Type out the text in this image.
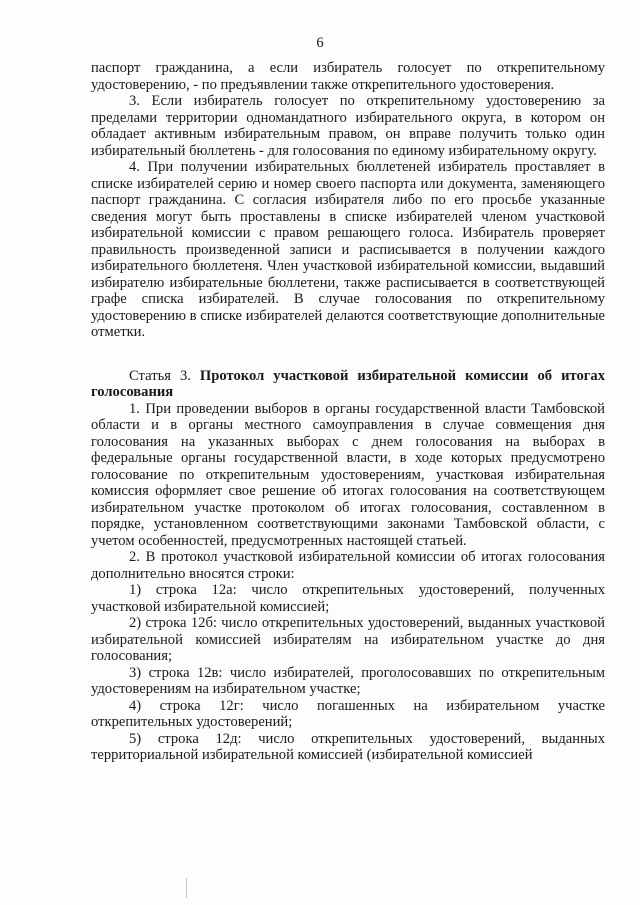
6

паспорт гражданина, а если избиратель голосует по открепительному удостоверению, - по предъявлении также открепительного удостоверения.

3. Если избиратель голосует по открепительному удостоверению за пределами территории одномандатного избирательного округа, в котором он обладает активным избирательным правом, он вправе получить только один избирательный бюллетень - для голосования по единому избирательному округу.

4. При получении избирательных бюллетеней избиратель проставляет в списке избирателей серию и номер своего паспорта или документа, заменяющего паспорт гражданина. С согласия избирателя либо по его просьбе указанные сведения могут быть проставлены в списке избирателей членом участковой избирательной комиссии с правом решающего голоса. Избиратель проверяет правильность произведенной записи и расписывается в получении каждого избирательного бюллетеня. Член участковой избирательной комиссии, выдавший избирателю избирательные бюллетени, также расписывается в соответствующей графе списка избирателей. В случае голосования по открепительному удостоверению в списке избирателей делаются соответствующие дополнительные отметки.

Статья 3. Протокол участковой избирательной комиссии об итогах голосования

1. При проведении выборов в органы государственной власти Тамбовской области и в органы местного самоуправления в случае совмещения дня голосования на указанных выборах с днем голосования на выборах в федеральные органы государственной власти, в ходе которых предусмотрено голосование по открепительным удостоверениям, участковая избирательная комиссия оформляет свое решение об итогах голосования на соответствующем избирательном участке протоколом об итогах голосования, составленном в порядке, установленном соответствующими законами Тамбовской области, с учетом особенностей, предусмотренных настоящей статьей.

2. В протокол участковой избирательной комиссии об итогах голосования дополнительно вносятся строки:

1) строка 12а: число открепительных удостоверений, полученных участковой избирательной комиссией;

2) строка 12б: число открепительных удостоверений, выданных участковой избирательной комиссией избирателям на избирательном участке до дня голосования;

3) строка 12в: число избирателей, проголосовавших по открепительным удостоверениям на избирательном участке;

4) строка 12г: число погашенных на избирательном участке открепительных удостоверений;

5) строка 12д: число открепительных удостоверений, выданных территориальной избирательной комиссией (избирательной комиссией
